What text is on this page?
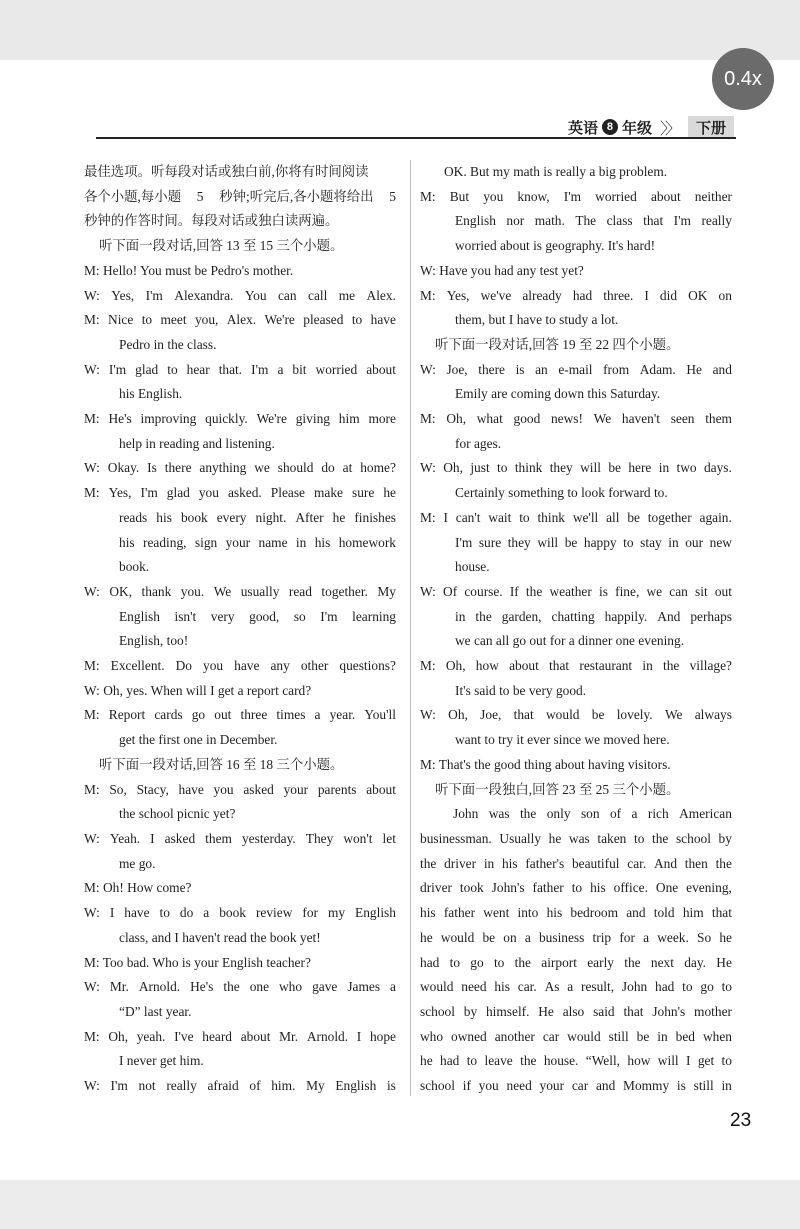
0.4x
英语 8 年级 〉〉	下册
最佳选项。听每段对话或独白前,你将有时间阅读
各个小题,每小题 5 秒钟;听完后,各小题将给出 5
秒钟的作答时间。每段对话或独白读两遍。
听下面一段对话,回答 13 至 15 三个小题。
M: Hello! You must be Pedro's mother.
W: Yes, I'm Alexandra. You can call me Alex.
M: Nice to meet you, Alex. We're pleased to have
Pedro in the class.
W: I'm glad to hear that. I'm a bit worried about
his English.
M: He's improving quickly. We're giving him more
help in reading and listening.
W: Okay. Is there anything we should do at home?
M: Yes, I'm glad you asked. Please make sure he
reads his book every night. After he finishes
his reading, sign your name in his homework
book.
W: OK, thank you. We usually read together. My
English isn't very good, so I'm learning
English, too!
M: Excellent. Do you have any other questions?
W: Oh, yes. When will I get a report card?
M: Report cards go out three times a year. You'll
get the first one in December.
听下面一段对话,回答 16 至 18 三个小题。
M: So, Stacy, have you asked your parents about
the school picnic yet?
W: Yeah. I asked them yesterday. They won't let
me go.
M: Oh! How come?
W: I have to do a book review for my English
class, and I haven't read the book yet!
M: Too bad. Who is your English teacher?
W: Mr. Arnold. He's the one who gave James a
“D” last year.
M: Oh, yeah. I've heard about Mr. Arnold. I hope
I never get him.
W: I'm not really afraid of him. My English is
OK. But my math is really a big problem.
M: But you know, I'm worried about neither
English nor math. The class that I'm really
worried about is geography. It's hard!
W: Have you had any test yet?
M: Yes, we've already had three. I did OK on
them, but I have to study a lot.
听下面一段对话,回答 19 至 22 四个小题。
W: Joe, there is an e-mail from Adam. He and
Emily are coming down this Saturday.
M: Oh, what good news! We haven't seen them
for ages.
W: Oh, just to think they will be here in two days.
Certainly something to look forward to.
M: I can't wait to think we'll all be together again.
I'm sure they will be happy to stay in our new
house.
W: Of course. If the weather is fine, we can sit out
in the garden, chatting happily. And perhaps
we can all go out for a dinner one evening.
M: Oh, how about that restaurant in the village?
It's said to be very good.
W: Oh, Joe, that would be lovely. We always
want to try it ever since we moved here.
M: That's the good thing about having visitors.
听下面一段独白,回答 23 至 25 三个小题。
John was the only son of a rich American
businessman. Usually he was taken to the school by
the driver in his father's beautiful car. And then the
driver took John's father to his office. One evening,
his father went into his bedroom and told him that
he would be on a business trip for a week. So he
had to go to the airport early the next day. He
would need his car. As a result, John had to go to
school by himself. He also said that John's mother
who owned another car would still be in bed when
he had to leave the house. “Well, how will I get to
school if you need your car and Mommy is still in
23
